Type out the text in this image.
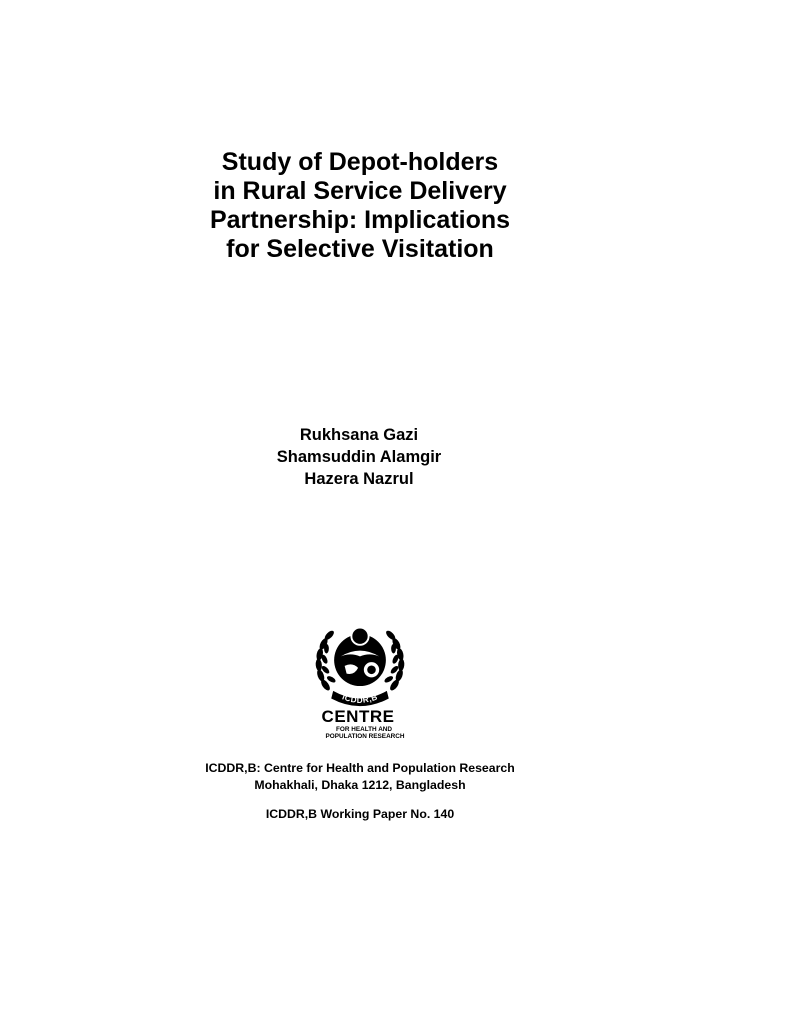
Study of Depot-holders
in Rural Service Delivery
Partnership: Implications
for Selective Visitation
Rukhsana Gazi
Shamsuddin Alamgir
Hazera Nazrul
ICDDR,B
CENTRE
FOR HEALTH AND
POPULATION RESEARCH
ICDDR,B: Centre for Health and Population Research
Mohakhali, Dhaka 1212, Bangladesh
ICDDR,B Working Paper No. 140
